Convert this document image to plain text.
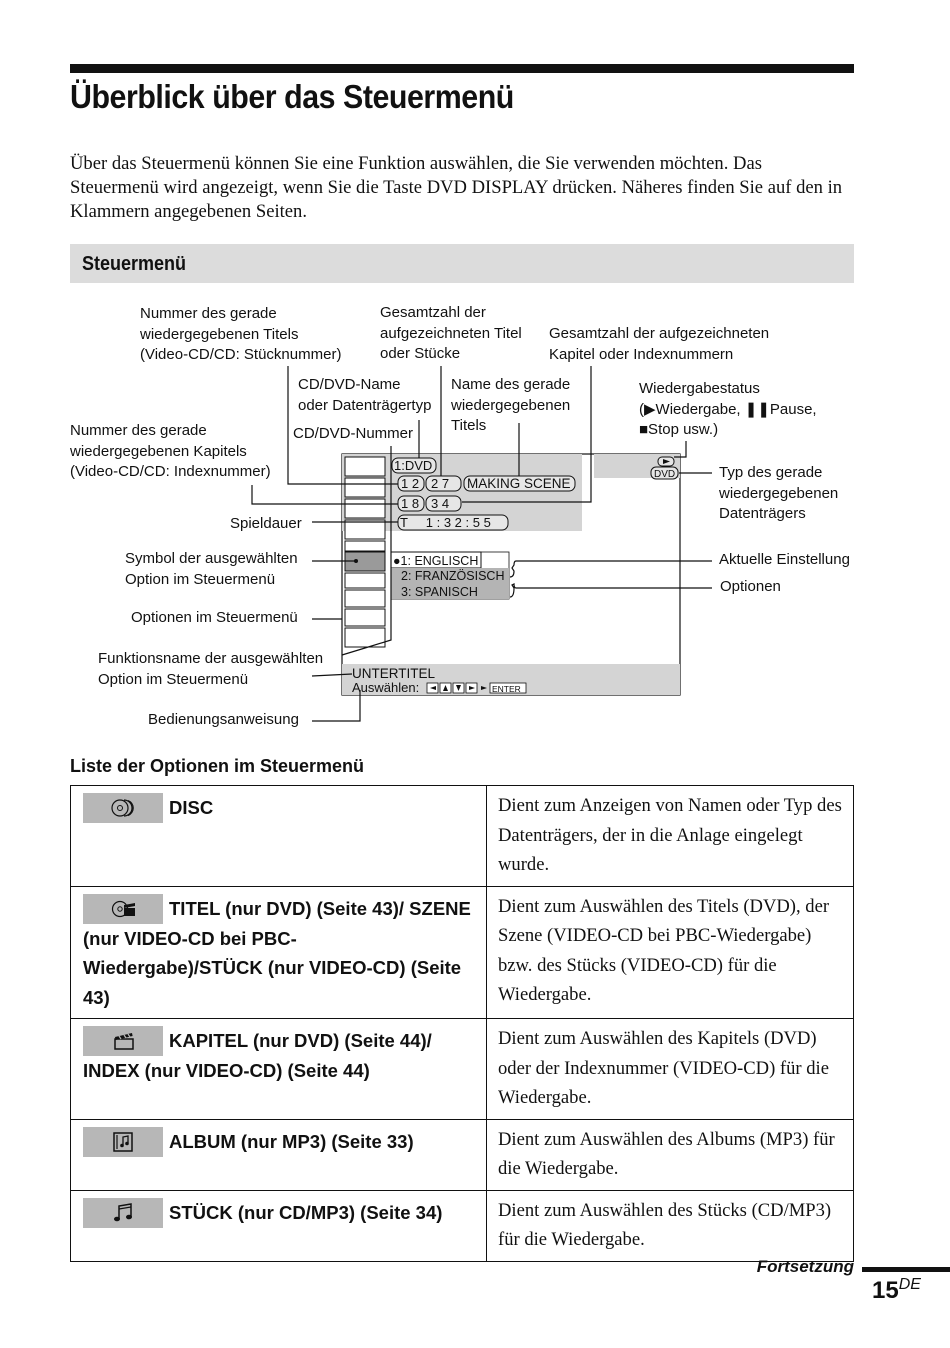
Überblick über das Steuermenü
Über das Steuermenü können Sie eine Funktion auswählen, die Sie verwenden möchten. Das Steuermenü wird angezeigt, wenn Sie die Taste DVD DISPLAY drücken. Näheres finden Sie auf den in Klammern angegebenen Seiten.
Steuermenü
Nummer des gerade
wiedergegebenen Titels
(Video-CD/CD: Stücknummer)
Gesamtzahl der
aufgezeichneten Titel
oder Stücke
Gesamtzahl der aufgezeichneten
Kapitel oder Indexnummern
CD/DVD-Name
oder Datenträgertyp
Name des gerade
wiedergegebenen
Titels
Wiedergabestatus
(▶Wiedergabe, ❚❚Pause,
■Stop usw.)
Nummer des gerade
wiedergegebenen Kapitels
(Video-CD/CD: Indexnummer)
CD/DVD-Nummer
Typ des gerade
wiedergegebenen
Datenträgers
Spieldauer
Symbol der ausgewählten
Option im Steuermenü
Aktuelle Einstellung
Optionen
Optionen im Steuermenü
Funktionsname der ausgewählten
Option im Steuermenü
Bedienungsanweisung
1:DVD
1 2 2 7 MAKING SCENE
1 8 3 4
T     1 : 3 2 : 5 5
DVD
●1: ENGLISCH
2: FRANZÖSISCH
3: SPANISCH
UNTERTITEL
Auswählen:	ENTER
Liste der Optionen im Steuermenü
DISC	Dient zum Anzeigen von Namen oder Typ des Datenträgers, der in die Anlage eingelegt wurde.

TITEL (nur DVD) (Seite 43)/ SZENE (nur VIDEO-CD bei PBC-Wiedergabe)/STÜCK (nur VIDEO-CD) (Seite 43)	Dient zum Auswählen des Titels (DVD), der Szene (VIDEO-CD bei PBC-Wiedergabe) bzw. des Stücks (VIDEO-CD) für die Wiedergabe.

KAPITEL (nur DVD) (Seite 44)/ INDEX (nur VIDEO-CD) (Seite 44)	Dient zum Auswählen des Kapitels (DVD) oder der Indexnummer (VIDEO-CD) für die Wiedergabe.

ALBUM (nur MP3) (Seite 33)	Dient zum Auswählen des Albums (MP3) für die Wiedergabe.

STÜCK (nur CD/MP3) (Seite 34)	Dient zum Auswählen des Stücks (CD/MP3) für die Wiedergabe.
Fortsetzung
15DE
